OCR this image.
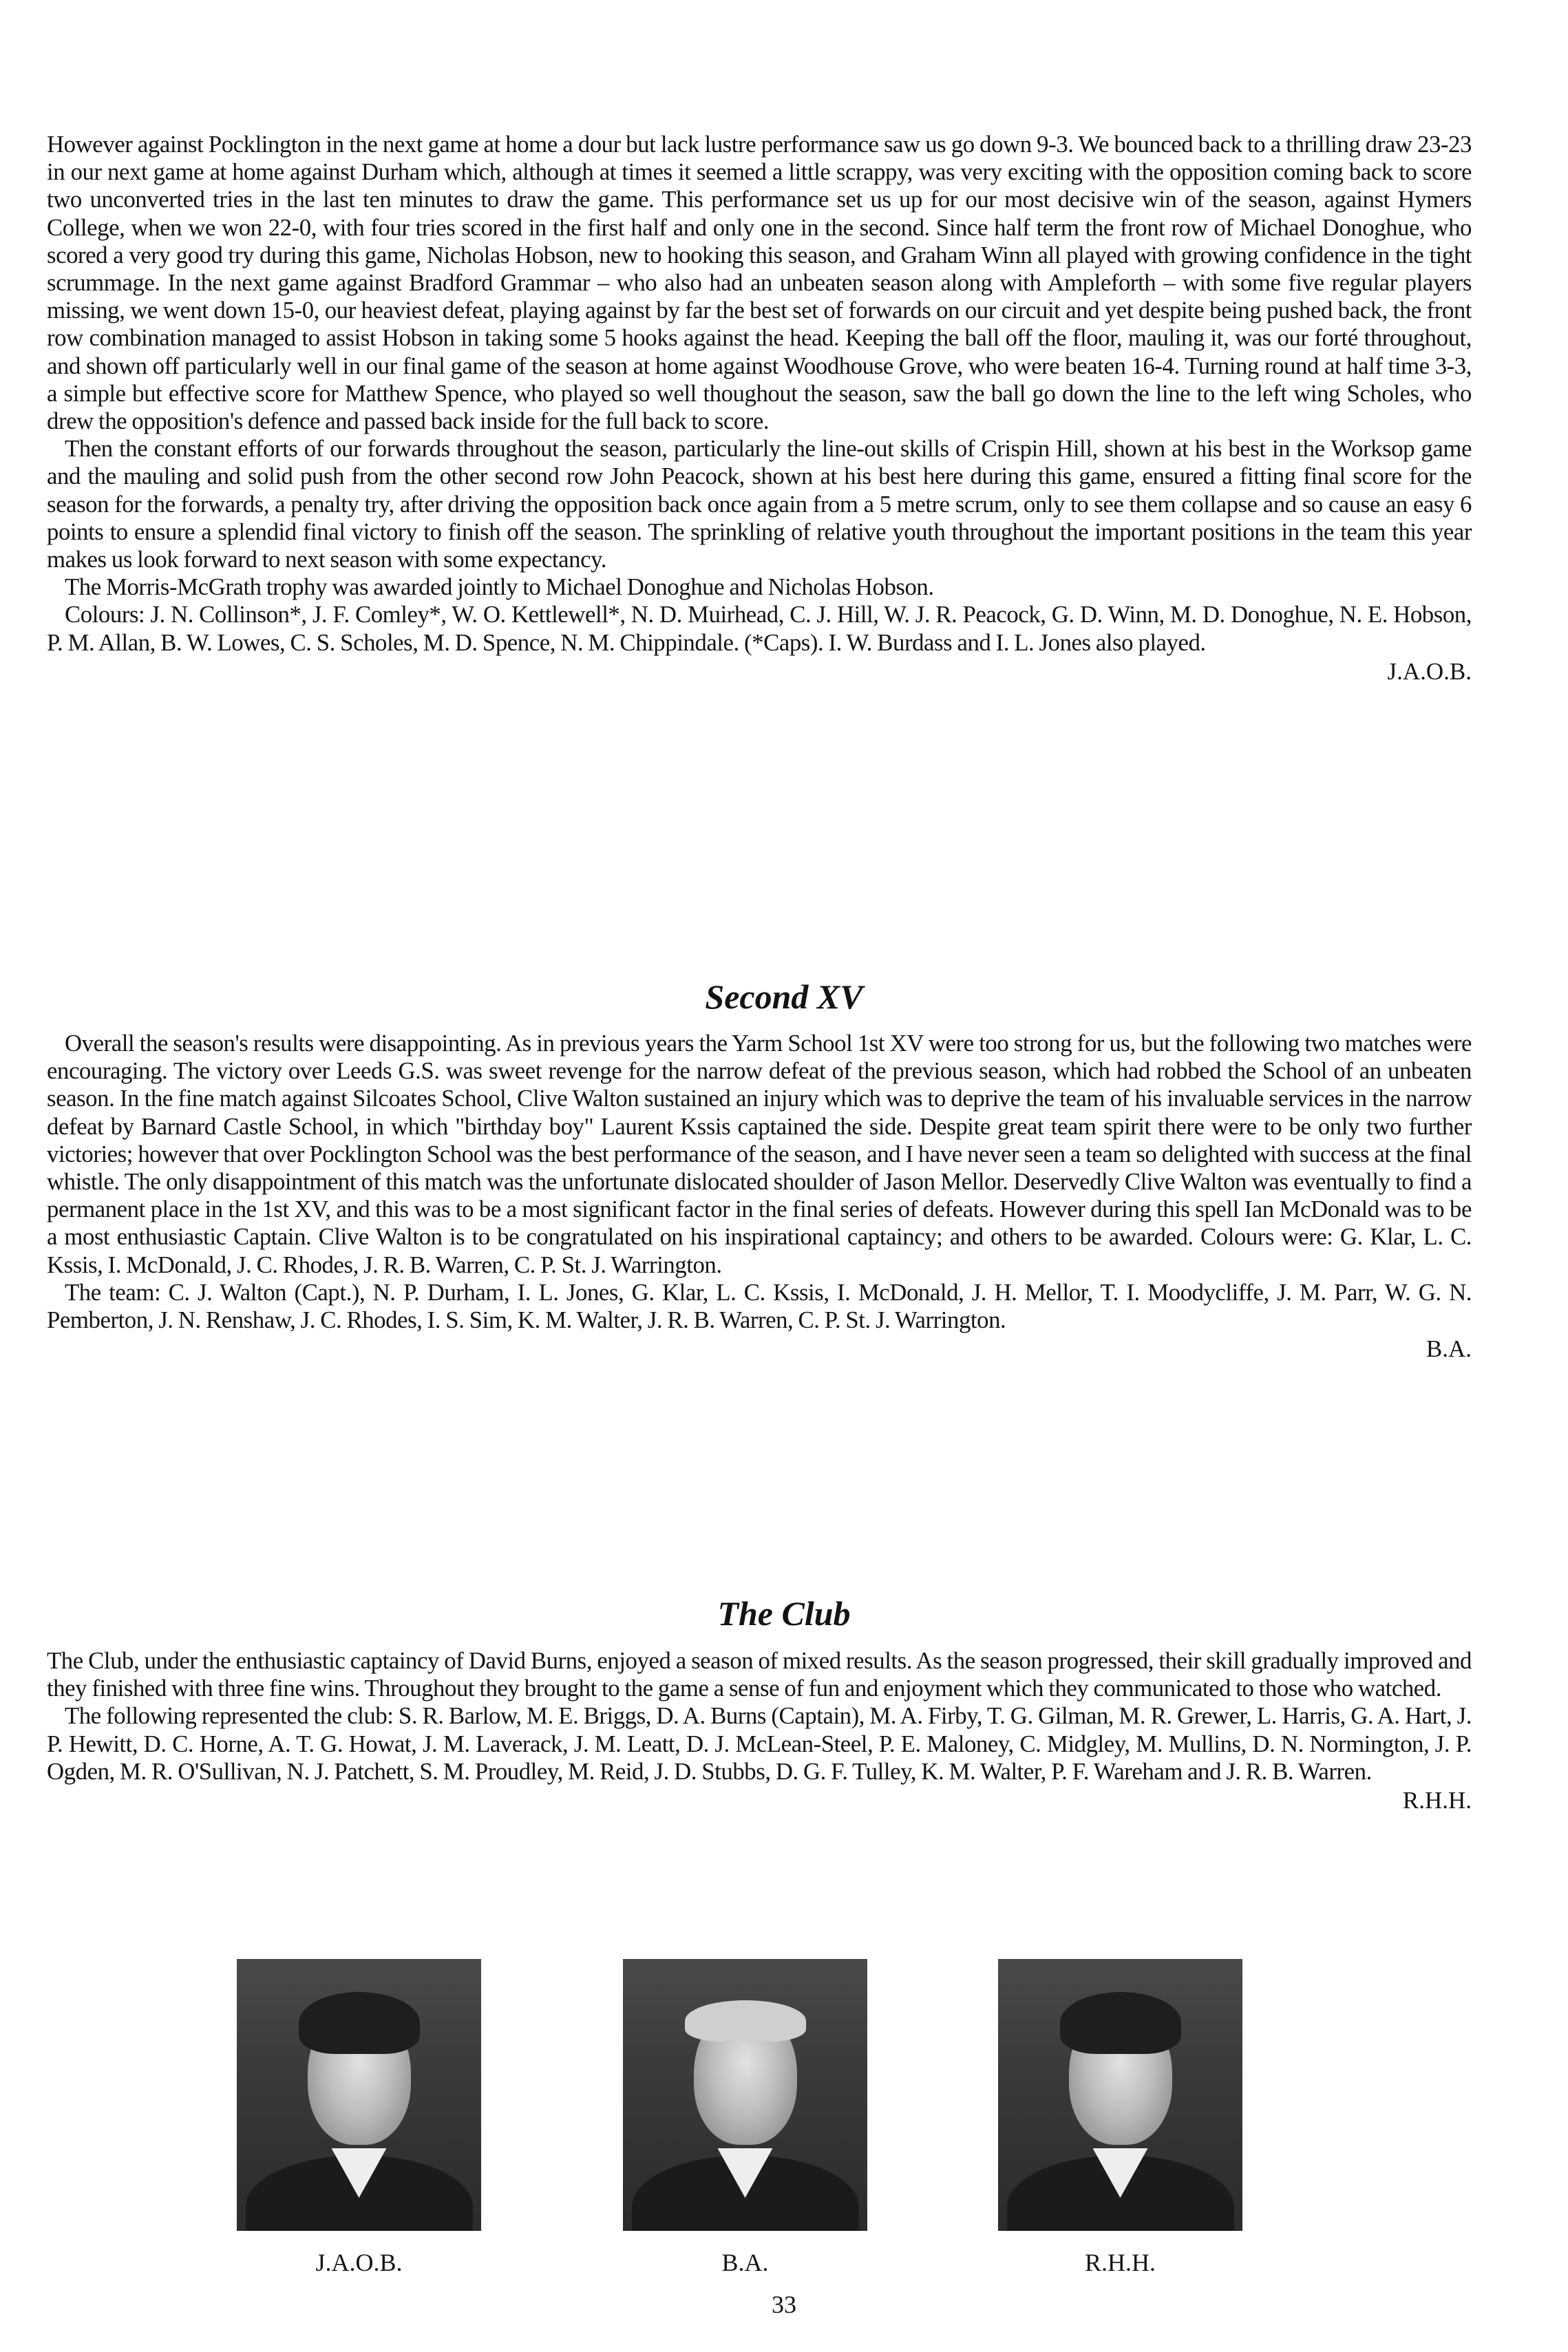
However against Pocklington in the next game at home a dour but lack lustre performance saw us go down 9-3. We bounced back to a thrilling draw 23-23 in our next game at home against Durham which, although at times it seemed a little scrappy, was very exciting with the opposition coming back to score two unconverted tries in the last ten minutes to draw the game. This performance set us up for our most decisive win of the season, against Hymers College, when we won 22-0, with four tries scored in the first half and only one in the second. Since half term the front row of Michael Donoghue, who scored a very good try during this game, Nicholas Hobson, new to hooking this season, and Graham Winn all played with growing confidence in the tight scrummage. In the next game against Bradford Grammar – who also had an unbeaten season along with Ampleforth – with some five regular players missing, we went down 15-0, our heaviest defeat, playing against by far the best set of forwards on our circuit and yet despite being pushed back, the front row combination managed to assist Hobson in taking some 5 hooks against the head. Keeping the ball off the floor, mauling it, was our forté throughout, and shown off particularly well in our final game of the season at home against Woodhouse Grove, who were beaten 16-4. Turning round at half time 3-3, a simple but effective score for Matthew Spence, who played so well thoughout the season, saw the ball go down the line to the left wing Scholes, who drew the opposition's defence and passed back inside for the full back to score.

Then the constant efforts of our forwards throughout the season, particularly the line-out skills of Crispin Hill, shown at his best in the Worksop game and the mauling and solid push from the other second row John Peacock, shown at his best here during this game, ensured a fitting final score for the season for the forwards, a penalty try, after driving the opposition back once again from a 5 metre scrum, only to see them collapse and so cause an easy 6 points to ensure a splendid final victory to finish off the season. The sprinkling of relative youth throughout the important positions in the team this year makes us look forward to next season with some expectancy.

The Morris-McGrath trophy was awarded jointly to Michael Donoghue and Nicholas Hobson.

Colours: J. N. Collinson*, J. F. Comley*, W. O. Kettlewell*, N. D. Muirhead, C. J. Hill, W. J. R. Peacock, G. D. Winn, M. D. Donoghue, N. E. Hobson, P. M. Allan, B. W. Lowes, C. S. Scholes, M. D. Spence, N. M. Chippindale. (*Caps). I. W. Burdass and I. L. Jones also played.

J.A.O.B.

Second XV

Overall the season's results were disappointing. As in previous years the Yarm School 1st XV were too strong for us, but the following two matches were encouraging. The victory over Leeds G.S. was sweet revenge for the narrow defeat of the previous season, which had robbed the School of an unbeaten season. In the fine match against Silcoates School, Clive Walton sustained an injury which was to deprive the team of his invaluable services in the narrow defeat by Barnard Castle School, in which "birthday boy" Laurent Kssis captained the side. Despite great team spirit there were to be only two further victories; however that over Pocklington School was the best performance of the season, and I have never seen a team so delighted with success at the final whistle. The only disappointment of this match was the unfortunate dislocated shoulder of Jason Mellor. Deservedly Clive Walton was eventually to find a permanent place in the 1st XV, and this was to be a most significant factor in the final series of defeats. However during this spell Ian McDonald was to be a most enthusiastic Captain. Clive Walton is to be congratulated on his inspirational captaincy; and others to be awarded. Colours were: G. Klar, L. C. Kssis, I. McDonald, J. C. Rhodes, J. R. B. Warren, C. P. St. J. Warrington.

The team: C. J. Walton (Capt.), N. P. Durham, I. L. Jones, G. Klar, L. C. Kssis, I. McDonald, J. H. Mellor, T. I. Moodycliffe, J. M. Parr, W. G. N. Pemberton, J. N. Renshaw, J. C. Rhodes, I. S. Sim, K. M. Walter, J. R. B. Warren, C. P. St. J. Warrington.

B.A.

The Club

The Club, under the enthusiastic captaincy of David Burns, enjoyed a season of mixed results. As the season progressed, their skill gradually improved and they finished with three fine wins. Throughout they brought to the game a sense of fun and enjoyment which they communicated to those who watched.

The following represented the club: S. R. Barlow, M. E. Briggs, D. A. Burns (Captain), M. A. Firby, T. G. Gilman, M. R. Grewer, L. Harris, G. A. Hart, J. P. Hewitt, D. C. Horne, A. T. G. Howat, J. M. Laverack, J. M. Leatt, D. J. McLean-Steel, P. E. Maloney, C. Midgley, M. Mullins, D. N. Normington, J. P. Ogden, M. R. O'Sullivan, N. J. Patchett, S. M. Proudley, M. Reid, J. D. Stubbs, D. G. F. Tulley, K. M. Walter, P. F. Wareham and J. R. B. Warren.

R.H.H.

J.A.O.B.	B.A.	R.H.H.
33
